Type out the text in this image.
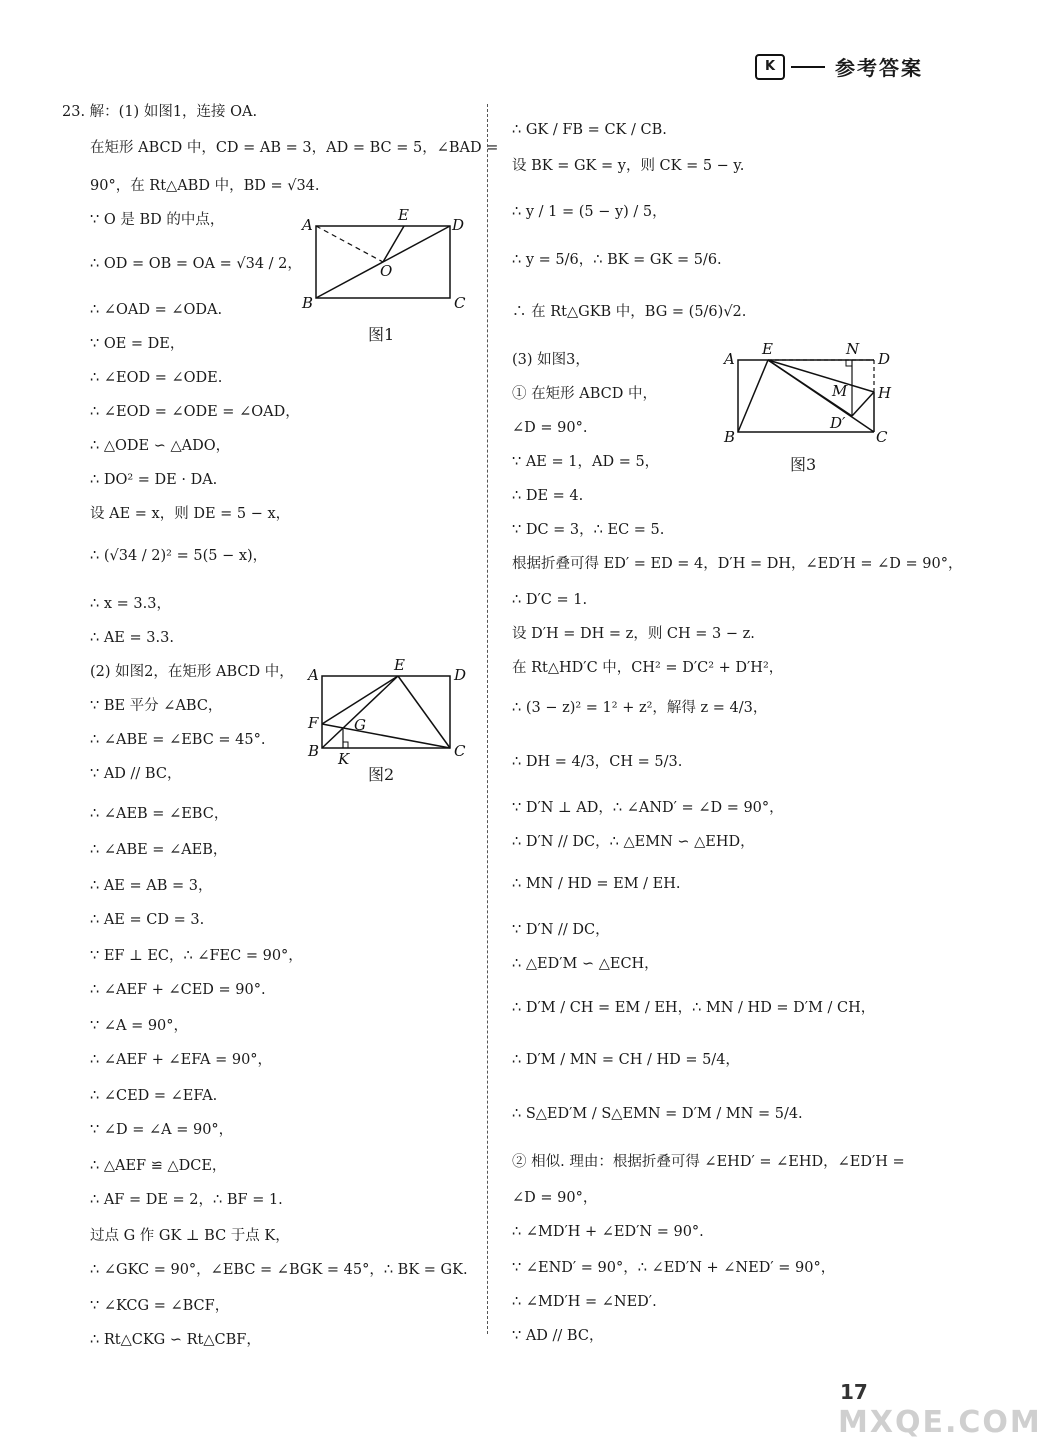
K	参考答案
23. 解：(1) 如图1，连接 OA.
在矩形 ABCD 中，CD = AB = 3，AD = BC = 5，∠BAD =
90°，在 Rt△ABD 中，BD = √34.
∵ O 是 BD 的中点，
∴ OD = OB = OA = √34 / 2，
∴ ∠OAD = ∠ODA.
∵ OE = DE，
∴ ∠EOD = ∠ODE.
∴ ∠EOD = ∠ODE = ∠OAD，
∴ △ODE ∽ △ADO，
∴ DO² = DE · DA.
设 AE = x，则 DE = 5 − x，
∴ (√34 / 2)² = 5(5 − x)，
∴ x = 3.3，
∴ AE = 3.3.
(2) 如图2，在矩形 ABCD 中，
∵ BE 平分 ∠ABC，
∴ ∠ABE = ∠EBC = 45°.
∵ AD // BC，
∴ ∠AEB = ∠EBC，
∴ ∠ABE = ∠AEB，
∴ AE = AB = 3，
∴ AE = CD = 3.
∵ EF ⊥ EC，∴ ∠FEC = 90°，
∴ ∠AEF + ∠CED = 90°.
∵ ∠A = 90°，
∴ ∠AEF + ∠EFA = 90°，
∴ ∠CED = ∠EFA.
∵ ∠D = ∠A = 90°，
∴ △AEF ≌ △DCE，
∴ AF = DE = 2，∴ BF = 1.
过点 G 作 GK ⊥ BC 于点 K，
∴ ∠GKC = 90°，∠EBC = ∠BGK = 45°，∴ BK = GK.
∵ ∠KCG = ∠BCF，
∴ Rt△CKG ∽ Rt△CBF，
∴ GK / FB = CK / CB.
设 BK = GK = y，则 CK = 5 − y.
∴ y / 1 = (5 − y) / 5，
∴ y = 5/6，∴ BK = GK = 5/6.
∴ 在 Rt△GKB 中，BG = (5/6)√2.
(3) 如图3，
① 在矩形 ABCD 中，
∠D = 90°.
∵ AE = 1，AD = 5，
∴ DE = 4.
∵ DC = 3，∴ EC = 5.
根据折叠可得 ED′ = ED = 4，D′H = DH，∠ED′H = ∠D = 90°，
∴ D′C = 1.
设 D′H = DH = z，则 CH = 3 − z.
在 Rt△HD′C 中，CH² = D′C² + D′H²，
∴ (3 − z)² = 1² + z²，解得 z = 4/3，
∴ DH = 4/3，CH = 5/3.
∵ D′N ⊥ AD，∴ ∠AND′ = ∠D = 90°，
∴ D′N // DC，∴ △EMN ∽ △EHD，
∴ MN / HD = EM / EH.
∵ D′N // DC，
∴ △ED′M ∽ △ECH，
∴ D′M / CH = EM / EH，∴ MN / HD = D′M / CH，
∴ D′M / MN = CH / HD = 5/4，
∴ S△ED′M / S△EMN = D′M / MN = 5/4.
② 相似. 理由：根据折叠可得 ∠EHD′ = ∠EHD，∠ED′H =
∠D = 90°，
∴ ∠MD′H + ∠ED′N = 90°.
∵ ∠END′ = 90°，∴ ∠ED′N + ∠NED′ = 90°，
∴ ∠MD′H = ∠NED′.
∵ AD // BC，
A
B	C
D
E
O
图1
A
F
B K
G
E
D
C
图2
A
B
E	N
D
H
M
D′
C
图3
17
MXQE.COM
